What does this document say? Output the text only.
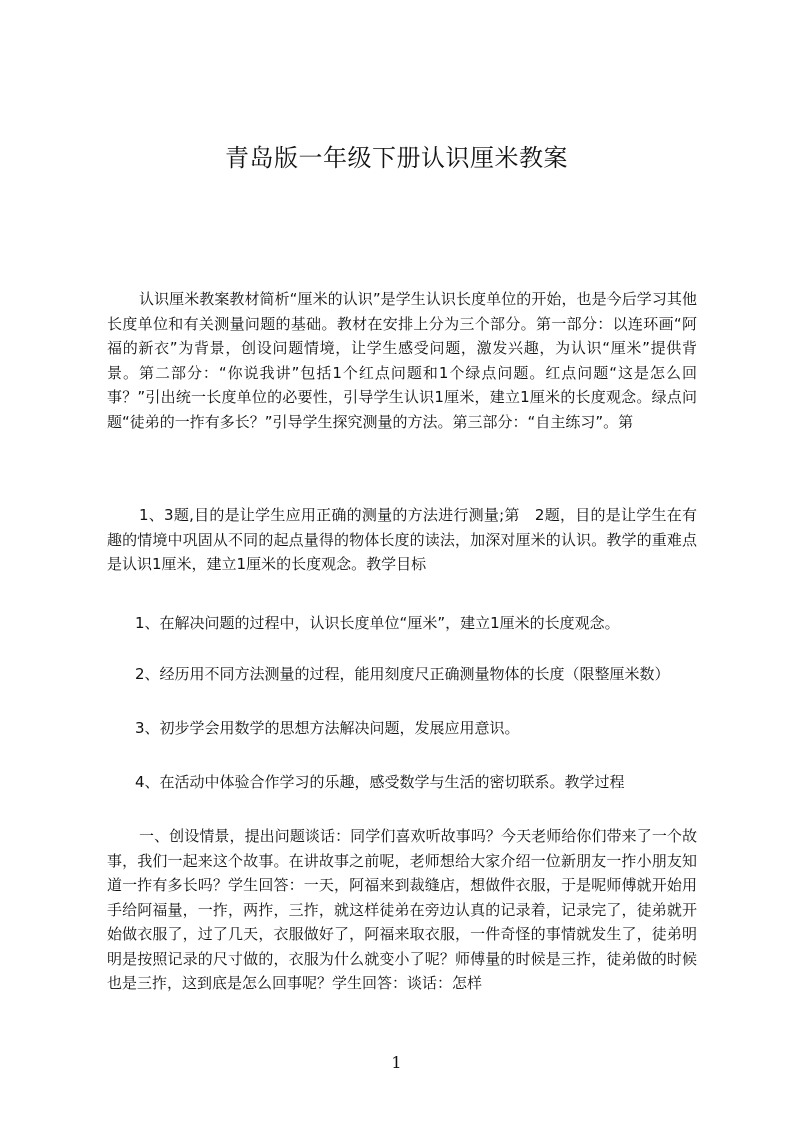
青岛版一年级下册认识厘米教案

认识厘米教案教材简析“厘米的认识”是学生认识长度单位的开始，也是今后学习其他长度单位和有关测量问题的基础。教材在安排上分为三个部分。第一部分：以连环画“阿福的新衣”为背景，创设问题情境，让学生感受问题，激发兴趣，为认识“厘米”提供背景。第二部分：“你说我讲”包括1个红点问题和1个绿点问题。红点问题“这是怎么回事？”引出统一长度单位的必要性，引导学生认识1厘米，建立1厘米的长度观念。绿点问题“徒弟的一拃有多长？”引导学生探究测量的方法。第三部分：“自主练习”。第

1、3题,目的是让学生应用正确的测量的方法进行测量;第　2题，目的是让学生在有趣的情境中巩固从不同的起点量得的物体长度的读法，加深对厘米的认识。教学的重难点是认识1厘米，建立1厘米的长度观念。教学目标

1、在解决问题的过程中，认识长度单位“厘米”，建立1厘米的长度观念。

2、经历用不同方法测量的过程，能用刻度尺正确测量物体的长度（限整厘米数）

3、初步学会用数学的思想方法解决问题，发展应用意识。

4、在活动中体验合作学习的乐趣，感受数学与生活的密切联系。教学过程

一、创设情景，提出问题谈话：同学们喜欢听故事吗？今天老师给你们带来了一个故事，我们一起来这个故事。在讲故事之前呢，老师想给大家介绍一位新朋友一拃小朋友知道一拃有多长吗？学生回答：一天，阿福来到裁缝店，想做件衣服，于是呢师傅就开始用手给阿福量，一拃，两拃，三拃，就这样徒弟在旁边认真的记录着，记录完了，徒弟就开始做衣服了，过了几天，衣服做好了，阿福来取衣服，一件奇怪的事情就发生了，徒弟明明是按照记录的尺寸做的，衣服为什么就变小了呢？师傅量的时候是三拃，徒弟做的时候也是三拃，这到底是怎么回事呢？学生回答：谈话：怎样

1
